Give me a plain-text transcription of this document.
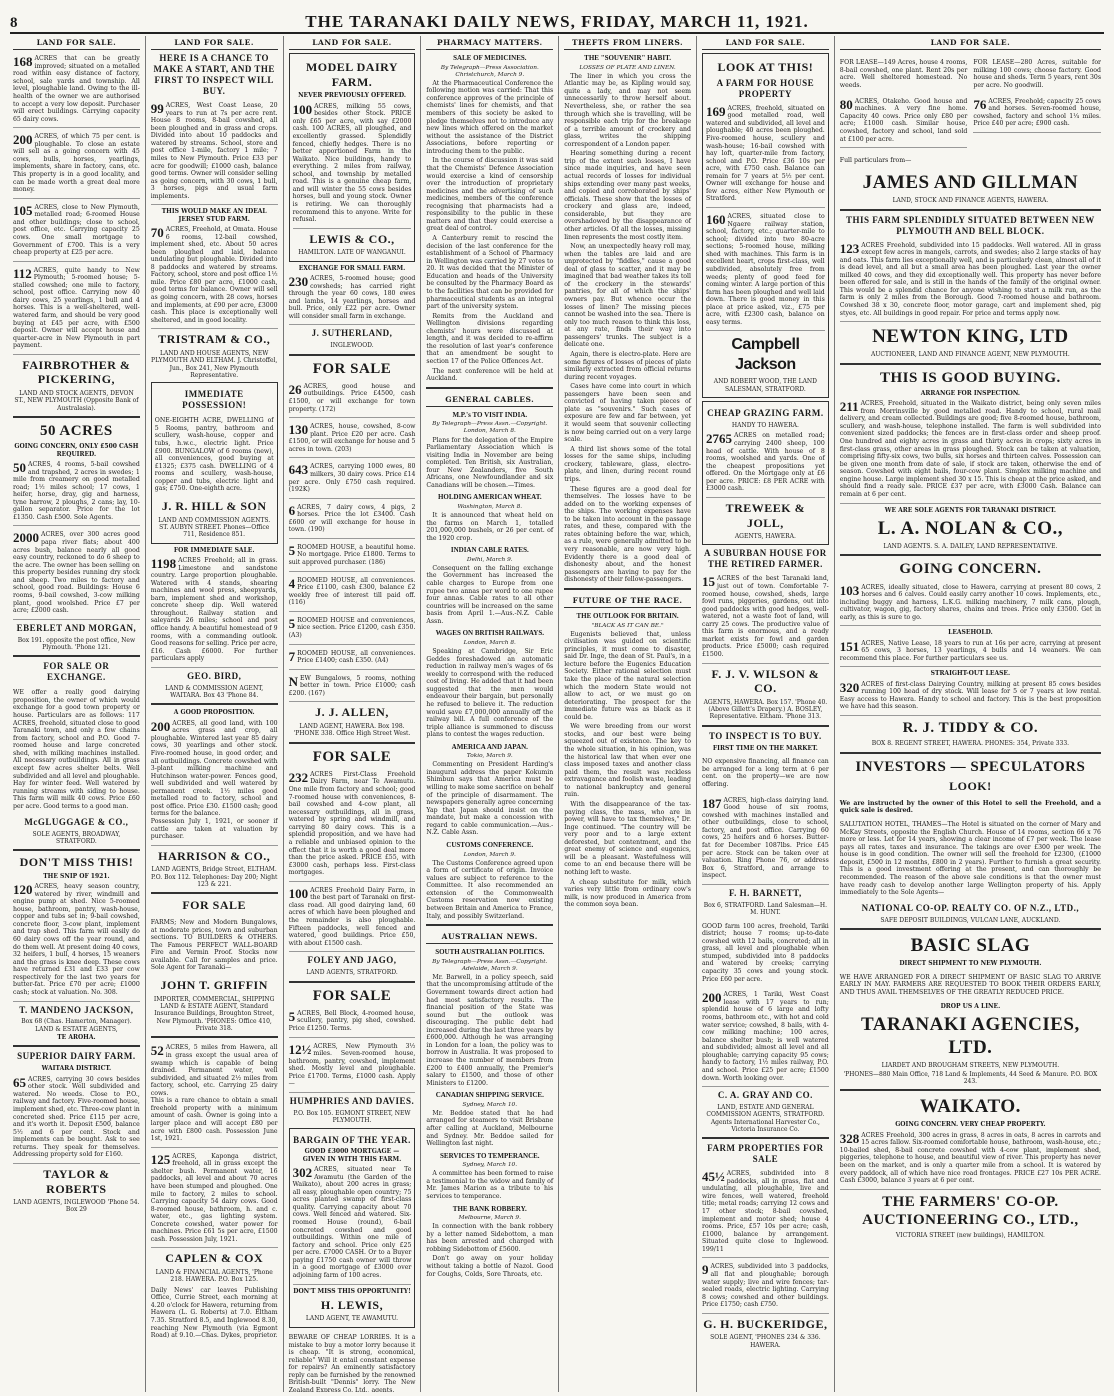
8	THE TARANAKI DAILY NEWS, FRIDAY, MARCH 11, 1921.
LAND FOR SALE.
168 ACRES that can be greatly improved; situated on a metalled road within easy distance of factory, school, sale yards and township. All level, ploughable land. Owing to the ill-health of the owner we are authorised to accept a very low deposit. Purchaser will erect buildings. Carrying capacity 65 dairy cows.

200 ACRES, of which 75 per cent. is ploughable. To close an estate will sell as a going concern with 45 cows, bulls, horses, yearlings, implements, share in factory, cans, etc. This property is in a good locality, and can be made worth a great deal more money.

105 ACRES, close to New Plymouth, metalled road; 6-roomed House and other buildings; close to school, post office, etc. Carrying capacity 25 cows. One small mortgage to Government of £700. This is a very cheap property at £25 per acre.

112 ACRES, quite handy to New Plymouth; 5-roomed house; 5-stalled cowshed; one mile to factory, school, post office. Carrying now 40 dairy cows, 25 yearlings, 1 bull and 4 horses. This is a well-sheltered, well-watered farm, and should be very good buying at £45 per acre, with £500 deposit. Owner will accept house and quarter-acre in New Plymouth in part payment.

FAIRBROTHER & PICKERING,
LAND AND STOCK AGENTS, DEVON ST., NEW PLYMOUTH (Opposite Bank of Australasia).
50 ACRES
GOING CONCERN, ONLY £500 CASH REQUIRED.
50 ACRES, 4 rooms, 5-bail cowshed and trapshed, 2 acres in swedes; 1 mile from creamery on good metalled road; 1½ miles school; 17 cows, 1 heifer, horse, dray, gig and harness, tyne harrow, 2 ploughs, 2 cans; lay, 10-gallon separator. Price for the lot £1350. Cash £500. Sole Agents.

2000 ACRES, over 300 acres good papa river flats; about 400 acres bush, balance nearly all good easy country, reckoned to do 6 sheep to the acre. The owner has been selling on this property besides running dry stock and sheep. Two miles to factory and school, good road. Buildings: House 6 rooms, 9-bail cowshed, 3-cow milking plant, good woolshed. Price £7 per acre; £2000 cash.

EBERLET AND MORGAN,
Box 191. opposite the post office, New Plymouth. 'Phone 121.
FOR SALE OR EXCHANGE.

WE offer a really good dairying proposition, the owner of which would exchange for a good town property or house. Particulars are as follows: 117 ACRES, freehold, situated close to good Taranaki town, and only a few chains from factory, school and P.O. Good 7-roomed house and large concreted shed, with milking machines installed. All necessary outbuildings. All in grass except few acres shelter belts. Well subdivided and all level and ploughable. Hay for winter feed. Well watered by running streams with siding to house. This farm will milk 40 cows. Price £60 per acre. Good terms to a good man.

McGLUGGAGE & CO.,
SOLE AGENTS, BROADWAY, STRATFORD.
DON'T MISS THIS!
THE SNIP OF 1921.
120 ACRES, heavy season country, watered by river, windmill and engine pump at shed. Nice 5-roomed house, bathroom, pantry, wash-house, copper and tubs set in; 9-bail cowshed, concrete floor, 3-cow plant, implement and trap shed. This farm will easily do 60 dairy cows off the year round, and do them well. At present doing 40 cows, 32 heifers, 1 bull, 4 horses, 15 weaners and the grass is knee deep. These cows have returned £31 and £33 per cow respectively for the last two years for butter-fat. Price £70 per acre; £1000 cash; stock at valuation. No. 308.

T. MANDENO JACKSON,
Box 68 (Chas. Hamerton, Manager). LAND & ESTATE AGENTS,
TE AROHA.
SUPERIOR DAIRY FARM.
WAITARA DISTRICT.
65 ACRES, carrying 30 cows besides other stock. Well subdivided and watered. No weeds. Close to P.O., railway and factory. Five-roomed house, implement shed, etc. Three-cow plant in concreted shed. Price £115 per acre, and it's worth it. Deposit £500, balance 5½ and 6 per cent. Stock and implements can be bought. Ask to see returns. They speak for themselves. Addressing property sold for £160.

TAYLOR & ROBERTS
LAND AGENTS, INGLEWOOD 'Phone 54. Box 29
LAND FOR SALE.
HERE IS A CHANCE TO MAKE A START, AND THE FIRST TO INSPECT WILL BUY.
99 ACRES, West Coast Lease, 20 years to run at 7s per acre rent. House 8 rooms, 8-bail cowshed, all been ploughed and in grass and crops. Divided into about 10 paddocks and watered by streams. School, store and post office 1-mile, factory 1 mile; 7 miles to New Plymouth. Price £33 per acre for goodwill; £1000 cash, balance good terms. Owner will consider selling as going concern, with 30 cows, 1 bull, 3 horses, pigs and usual farm implements.

THIS WOULD MAKE AN IDEAL JERSEY STUD FARM.
70 ACRES, Freehold, at Omata. House 6 rooms, 12-bail cowshed, implement shed, etc. About 50 acres been ploughed and laid, balance undulating but ploughable. Divided into 8 paddocks and watered by streams. Factory, school, store and post office 1½ mile. Price £80 per acre, £1000 cash, good terms for balance. Owner will sell as going concern, with 28 cows, horses and implements, at £90 per acre, £3000 cash. This place is exceptionally well sheltered, and in good locality.

TRISTRAM & CO.,
LAND AND HOUSE AGENTS, NEW PLYMOUTH AND ELTHAM. J. Christoffel, Jun., Box 241, New Plymouth Representative.
IMMEDIATE POSSESSION!

ONE-EIGHTH ACRE, DWELLING of 5 Rooms, pantry, bathroom and scullery, wash-house, copper and tubs, h.w.c., electric light. Price £900. BUNGALOW of 6 rooms (new), all conveniences, good buying at £1325; £375 cash. DWELLING of 4 rooms and scullery, wash-house, copper and tubs, electric light and gas; £750. One-eighth acre.

J. R. HILL & SON
LAND AND COMMISSION AGENTS. ST. AUBYN STREET. Phones—Office 711, Residence 851.
FOR IMMEDIATE SALE.
1198 ACRES Freehold; all in grass. Limestone and sandstone country. Large proportion ploughable. Watered with 4 stands, shearing machines and wool press, sheepyards, barn, implement shed and workshop, concrete sheep dip. Well watered throughout. Railway station and saleyards 26 miles; school and post office handy. A beautiful homestead of 9 rooms, with a commanding outlook. Good reasons for selling. Price per acre, £16. Cash £6000. For further particulars apply

GEO. BIRD,
LAND & COMMISSION AGENT, WAITARA. Box 43 'Phone 84.
A GOOD PROPOSITION.
200 ACRES, all good land, with 100 acres grass and crop, all ploughable. Wintered last year 85 dairy cows, 30 yearlings and other stock. Five-roomed house, in good order, and all outbuildings. Concrete cowshed with 3-plant milking machine and Hutchinson water-power. Fences good, well subdivided and well watered by permanent creek. 1½ miles good metalled road to factory, school and post office. Price £30. £1500 cash; good terms for the balance.

Possession July 1, 1921, or sooner if cattle are taken at valuation by purchaser.

HARRISON & CO.,
LAND AGENTS, Bridge Street, ELTHAM. P.O. Box 112. Telephones: Day 200; Night 123 & 221.
FOR SALE

FARMS; New and Modern Bungalows, at moderate prices, town and suburban sections. TO BUILDERS & OTHERS. The Famous PERFECT WALL-BOARD Fire and Vermin Proof. Stocks now available. Call for samples and price. Sole Agent for Taranaki—

JOHN T. GRIFFIN
IMPORTER, COMMERCIAL, SHIPPING LAND & ESTATE AGENT, Standard Insurance Buildings, Broughton Street, New Plymouth. 'PHONES: Office 410, Private 318.
52 ACRES, 5 miles from Hawera, all in grass except the usual area of swamp which is capable of being drained. Permanent water, well subdivided, and situated 2½ miles from factory, school, etc. Carrying 25 dairy cows.

This is a rare chance to obtain a small freehold property with a minimum amount of cash. Owner is going into a larger place and will accept £80 per acre with £800 cash. Possession June 1st, 1921.

125 ACRES, Kaponga district, freehold, all in grass except the shelter bush. Permanent water, 16 paddocks, all level and about 70 acres have been stumped and ploughed. One mile to factory, 2 miles to school. Carrying capacity 54 dairy cows. Good 8-roomed house, bathroom, h. and c. water, etc., gas lighting system. Concrete cowshed, water power for machines. Price £61 5s per acre, £1500 cash. Possession July, 1921.

CAPLEN & COX
LAND & FINANCIAL AGENTS, 'Phone 218. HAWERA. P.O. Box 125.

Daily News' car leaves Publishing Office, Currie Street, each morning at 4.20 o'clock for Hawera, returning from Hawera (L. G. Roberts) at 7.0. Eltham 7.35. Stratford 8.5, and Inglewood 8.30, reaching New Plymouth (via Egmont Road) at 9.10.—Chas. Dykes, proprietor.

LAND FOR SALE.
MODEL DAIRY FARM.
NEVER PREVIOUSLY OFFERED.
100 ACRES, milking 55 cows, besides other Stock. PRICE only £65 per acre, with say £2000 cash. 100 ACRES, all ploughed, and excellently grassed. Splendidly fenced, chiefly hedges. There is no better apportioned Farm in the Waikato. Nice buildings, handy to everything. 2 miles from railway, school, and township by metalled road. This is a genuine cheap farm, and will winter the 55 cows besides horses, bull and young stock. Owner is retiring. We can thoroughly recommend this to anyone. Write for refusal.

LEWIS & CO.,
HAMILTON. LATE OF WANGANUI.
EXCHANGE FOR SMALL FARM.
230 ACRES, 5-roomed house; good cowsheds; has carried right through the year 60 cows, 180 ewes and lambs, 14 yearlings, horses and bull. Price, only £22 per acre. Owner will consider small farm in exchange.

J. SUTHERLAND,
INGLEWOOD.
FOR SALE
26 ACRES, good house and outbuildings. Price £4500, cash £1500, or will exchange for town property. (172)

130 ACRES, house, cowshed, 8-cow plant. Price £20 per acre. Cash £1500, or will exchange for house and 5 acres in town. (203)

643 ACRES, carrying 1000 ewes, 80 milkers, 30 dairy cows. Price £14 per acre. Only £750 cash required. (192K)

6 ACRES, 7 dairy cows, 4 pigs, 2 horses. Price the lot £3400. Cash £600 or will exchange for house in town. (190)

5 ROOMED HOUSE, a beautiful home. No mortgage. Price £1800. Terms to suit approved purchaser. (186)

4 ROOMED HOUSE, all conveniences. Price £1100, cash £300, balance £2 weekly free of interest till paid off. (116)

5 ROOMED HOUSE and conveniences, nice section. Price £1200, cash £350. (A3)

7 ROOMED HOUSE, all conveniences. Price £1400; cash £350. (A4)

N EW Bungalows, 5 rooms, nothing better in town. Price £1000; cash £200. (167)

J. J. ALLEN,
LAND AGENT, HAWERA. Box 198. 'PHONE 338. Office High Street West.
FOR SALE
232 ACRES First-Class Freehold Dairy Farm, near Te Awamutu. One mile from factory and school; good 7-roomed house with conveniences, 8-bail cowshed and 4-cow plant, all necessary outbuildings, all in grass, watered by spring and windmill, and carrying 80 dairy cows. This is a splendid proposition, and we have had a reliable and unbiased opinion to the effect that it is worth a good deal more than the price asked. PRICE £55, with £3000 cash, perhaps less. First-class mortgages.

100 ACRES Freehold Dairy Farm, in the best part of Taranaki on first-class road. All good dairying land, 60 acres of which have been ploughed and the remainder is also ploughable. Fifteen paddocks, well fenced and watered, good buildings. Price £50, with about £1500 cash.

FOLEY AND JAGO,
LAND AGENTS, STRATFORD.
FOR SALE
5 ACRES, Bell Block, 4-roomed house, scullery, pantry, pig shed, cowshed. Price £1250. Terms.

12½ ACRES, New Plymouth 3½ miles. Seven-roomed house, bathroom, pantry, cowshed, implement shed. Mostly level and ploughable. Price £1700. Terms, £1000 cash. Apply—

HUMPHRIES AND DAVIES.
P.O. Box 105. EGMONT STREET, NEW PLYMOUTH.
BARGAIN OF THE YEAR.
GOOD £3000 MORTGAGE — GIVEN IN WITH THIS FARM.
302 ACRES, situated near Te Awamutu (the Garden of the Waikato), about 200 acres in grass; all easy, ploughable open country; 75 acres planted swamp of first-class quality. Carrying capacity about 70 cows. Well fenced and watered. Six-roomed House (round), 6-bail concreted cowshed and good outbuildings. Within one mile of factory and school. Price only £25 per acre. £7000 CASH. Or to a Buyer paying £1750 cash owner will throw in a good mortgage of £3000 over adjoining farm of 100 acres.

DON'T MISS THIS OPPORTUNITY!
H. LEWIS,
LAND AGENT, TE AWAMUTU.

BEWARE OF CHEAP LORRIES. It is a mistake to buy a motor lorry because it is cheap. "It is strong, economical, reliable" Will it entail constant expense for repairs? An eminently satisfactory reply can be furnished by the renowned British-built "Dennis" lorry. The New Zealand Express Co. Ltd., agents.

PHARMACY MATTERS.
SALE OF MEDICINES.
By Telegraph—Press Association. Christchurch, March 9.

At the Pharmaceutical Conference the following motion was carried: That this conference approves of the principle of chemists' lines for chemists, and that members of this society be asked to pledge themselves not to introduce any new lines which offered on the market without the assistance of the District Associations, before reporting or introducing them to the public.

In the course of discussion it was said that the Chemists' Defence Association would exercise a kind of censorship over the introduction of proprietary medicines and the advertising of such medicines, members of the conference recognising that pharmacists had a responsibility to the public in these matters and that they could exercise a great deal of control.

A Canterbury remit to rescind the decision of the last conference for the establishment of a School of Pharmacy in Wellington was carried by 27 votes to 20. It was decided that the Minister of Education and heads of the University be consulted by the Pharmacy Board as to the facilities that can be provided for pharmaceutical students as an integral part of the university system.

Remits from the Auckland and Wellington divisions regarding chemists' hours were discussed at length, and it was decided to re-affirm the resolution of last year's conference that an amendment be sought to section 17 of the Police Offences Act.

The next conference will be held at Auckland.

GENERAL CABLES.
M.P.'s TO VISIT INDIA.
By Telegraph—Press Assn.—Copyright. London, March 8.

Plans for the delegation of the Empire Parliamentary Association which is visiting India in November are being completed. Ten British, six Australian, four New Zealanders, five South Africans, one Newfoundlander and six Canadians will be chosen.—Times.

HOLDING AMERICAN WHEAT.
Washington, March 8.

It is announced that wheat held on the farms on March 1, totalled 201,000,000 bushels, or 26 per cent. of the 1920 crop.

INDIAN CABLE RATES.
Delhi, March 9.

Consequent on the falling exchange the Government has increased the cable charges to Europe from one rupee two annas per word to one rupee four annas. Cable rates to all other countries will be increased on the same basis from April 1.—Aus.-N.Z. Cable Assn.

WAGES ON BRITISH RAILWAYS.
London, March 8.

Speaking at Cambridge, Sir Eric Geddes foreshadowed an automatic reduction in railway men's wages of 6s weekly to correspond with the reduced cost of living. He added that it had been suggested that the men would endeavour their bargain, but personally he refused to believe it. The reduction would save £7,000,000 annually off the railway bill. A full conference of the triple alliance is summoned to discuss plans to contest the wages reduction.

AMERICA AND JAPAN.
Tokio, March 9.

Commenting on President Harding's inaugural address the paper Kokumin Shimbun says that America must be willing to make some sacrifice on behalf of the principle of disarmament. The newspapers generally agree concerning Yap that Japan should insist on the mandate, but make a concession with regard to cable communication.—Aus.-N.Z. Cable Assn.

CUSTOMS CONFERENCE.
London, March 9.

The Customs Conference agreed upon a form of certificate of origin. Invoice values are subject to reference to the Committee. It also recommended an extension of the Commonwealth Customs reservation now existing between Britain and America to France, Italy, and possibly Switzerland.

AUSTRALIAN NEWS.
SOUTH AUSTRALIAN POLITICS.
By Telegraph—Press Assn.—Copyright. Adelaide, March 9.

Mr. Barwell, in a policy speech, said that the uncompromising attitude of the Government towards direct action had had most satisfactory results. The financial position of the State was sound but the outlook was discouraging. The public debt had increased during the last three years by £600,000. Although he was arranging in London for a loan, the policy was to borrow in Australia. It was proposed to increase the number of members from £200 to £400 annually, the Premier's salary to £1500, and those of other Ministers to £1200.

CANADIAN SHIPPING SERVICE.
Sydney, March 10.

Mr. Beddoe stated that he had arranged for steamers to visit Brisbane after calling at Auckland, Melbourne and Sydney. Mr. Beddoe sailed for Wellington last night.

SERVICES TO TEMPERANCE.
Sydney, March 10.

A committee has been formed to raise a testimonial to the widow and family of Mr. James Marion as a tribute to his services to temperance.

THE BANK ROBBERY.
Melbourne, March 9.

In connection with the bank robbery by a letter named Sidebottom, a man has been arrested and charged with robbing Sidebottom of £5600.

Don't go away on your holiday without taking a bottle of Nazol. Good for Coughs, Colds, Sore Throats, etc.

THEFTS FROM LINERS.
THE "SOUVENIR" HABIT.
LOSSES OF PLATE AND LINEN.

The liner in which you cross the Atlantic may be, as Kipling would say, quite a lady, and may not seem unnecessarily to throw herself about. Nevertheless, she, or rather the sea through which she is travelling, will be responsible each trip for the breakage of a terrible amount of crockery and glass, writes the shipping correspondent of a London paper.

Hearing something during a recent trip of the extent such losses, I have since made inquiries, and have seen actual records of losses for individual ships extending over many past weeks, and copied and corroborated by ships' officials. These show that the losses of crockery and glass are, indeed, considerable, but they are overshadowed by the disappearance of other articles. Of all the losses, missing linen represents the most costly item.

Now, an unexpectedly heavy roll may, when the tables are laid and are unprotected by "fiddles," cause a good deal of glass to scatter, and it may be imagined that bad weather takes its toll of the crockery in the stewards' pantries, for all of which the ships' owners pay. But whence occur the losses of linen? The missing pieces cannot be washed into the sea. There is only too much reason to think this loss, at any rate, finds their way into passengers' trunks. The subject is a delicate one.

Again, there is electro-plate. Here are some figures of losses of pieces of plate similarly extracted from official returns during recent voyages.

Cases have come into court in which passengers have been seen and convicted of having taken pieces of plate as "souvenirs." Such cases of exposure are few and far between, yet it would seem that souvenir collecting is now being carried out on a very large scale.

A third list shows some of the total losses for the same ships, including crockery, tableware, glass, electro-plate, and linen, during recent round trips.

These figures are a good deal for themselves. The losses have to be added on to the working expenses of the ships. The working expenses have to be taken into account in the passage rates, and these, compared with the rates obtaining before the war, which, as a rule, were generally admitted to be very reasonable, are now very high. Evidently there is a good deal of dishonesty about, and the honest passengers are having to pay for the dishonesty of their fellow-passengers.

FUTURE OF THE RACE.
THE OUTLOOK FOR BRITAIN.
"BLACK AS IT CAN BE."

Eugenists believed that, unless civilisation was guided on scientific principles, it must come to disaster, said Dr. Inge, the dean of St. Paul's, in a lecture before the Eugenics Education Society. Either rational selection must take the place of the natural selection which the modern State would not allow to act, or we must go on deteriorating. The prospect for the immediate future was as black as it could be.

We were breeding from our worst stocks, and our best were being squeezed out of existence. The key to the whole situation, in his opinion, was the historical law that when ever one class imposed taxes and another class paid them, the result was reckless extravagance and foolish waste, leading to national bankruptcy and general ruin.

With the disappearance of the tax-paying class, the mass, who are in power, will have to tax themselves," Dr. Inge continued. "The country will be very poor and to a large extent deforested, but contentment, and the great enemy of science and eugenics, will be a pleasant. Wastefulness will come to an end because there will be nothing left to waste.

A cheap substitute for milk, which varies very little from ordinary cow's milk, is now produced in America from the common soya bean.

LAND FOR SALE.
LOOK AT THIS!
A FARM FOR HOUSE PROPERTY
169 ACRES, freehold, situated on good metalled road, well watered and subdivided, all level and ploughable; 40 acres been ploughed. Five-roomed house, scullery and wash-house; 16-bail cowshed with hay loft, quarter-mile from factory, school and P.O. Price £36 10s per acre, with £750 cash. Balance can remain for 7 years at 5½ per cent. Owner will exchange for house and few acres, either New Plymouth or Stratford.

160 ACRES, situated close to Ngaere railway station, school, factory, etc.; quarter-mile to school; divided into two 80-acre sections; 5-roomed house, milking shed with machines. This farm is in excellent heart, crops first-class, well subdivided, absolutely free from weeds; plenty of good feed for coming winter. A large portion of this farm has been ploughed and well laid down. There is good money in this place at price asked, viz., £75 per acre, with £2300 cash, balance on easy terms.

Campbell Jackson
AND ROBERT WOOD, THE LAND SALESMAN, STRATFORD.
CHEAP GRAZING FARM.
HANDY TO HAWERA.
2765 ACRES on metalled road; carrying 2400 sheep, 100 head of cattle. With house of 8 rooms, woolshed and yards. One of the cheapest propositions yet offered. On the Mortgage only at £6 per acre. PRICE: £8 PER ACRE with £3000 cash.

TREWEEK & JOLL,
AGENTS, HAWERA.
A SUBURBAN HOUSE FOR THE RETIRED FARMER.
15 ACRES of the best Taranaki land, just out of town. Comfortable 7-roomed house, cowshed, sheds, large fowl runs, piggeries, gardens, out into good paddocks with good hedges, well-watered, not a waste foot of land, will carry 25 cows. The productive value of this farm is enormous, and a ready market exists for fowl and garden products. Price £5000; cash required £1500.

F. J. V. WILSON & CO.
AGENTS, HAWERA. Box 157. 'Phone 40. (Above Gillett's Drapery.) A. BOSLEY, Representative. Eltham. 'Phone 313.
TO INSPECT IS TO BUY.
FIRST TIME ON THE MARKET.

NO expensive financing, all finance can be arranged for a long term at 6 per cent. on the property—we are now offering.

187 ACRES, high-class dairying land. Good house of six rooms, cowshed with machines installed and other outbuildings, close to school, factory, and post office. Carrying 60 cows, 25 heifers and 6 horses. Butter-fat for December 1087lbs. Price £45 per acre. Stock can be taken over at valuation. Ring Phone 76, or address Box 6, Stratford, and arrange to inspect.

F. H. BARNETT,
Box 6, STRATFORD. Land Salesman—H. M. HUNT.

GOOD farm 100 acres, freehold, Tariki district; house 7 rooms; up-to-date cowshed with 12 bails, concreted; all in grass, all level and ploughable when stumped, subdivided into 8 paddocks and watered by creeks; carrying capacity 35 cows and young stock. Price £60 per acre.

200 ACRES, 1 Tariki, West Coast lease with 17 years to run; splendid house of 6 large and lofty rooms, bathroom etc., with hot and cold water service; cowshed, 8 bails, with 4-cow milking machine; 100 acres, balance shelter bush; is well watered and subdivided; almost all level and all ploughable; carrying capacity 95 cows; handy to factory, 1½ miles railway, P.O. and school. Price £25 per acre; £1500 down. Worth looking over.

C. A. GRAY AND CO.
LAND, ESTATE AND GENERAL COMMISSION AGENTS, STRATFORD. Agents International Harvester Co., Victoria Insurance Co.
FARM PROPERTIES FOR SALE
45½ ACRES, subdivided into 8 paddocks, all in grass, flat and undulating, all ploughable, live and wire fences, well watered, freehold title; metal roads; carrying 12 cows and 17 other stock; 8-bail cowshed, implement and motor shed; house 4 rooms. Price, £57 10s per acre; cash, £1000, balance by arrangement. Situated quite close to Inglewood. 199/11

9 ACRES, subdivided into 3 paddocks, all flat and ploughable; borough water supply; live and wire fences; tar-sealed roads, electric lighting. Carrying 8 cows; cowshed and other buildings. Price £1750; cash £750.

G. H. BUCKERIDGE,
SOLE AGENT, 'PHONES 234 & 336. HAWERA.
LAND FOR SALE.

FOR LEASE—149 Acres, house 4 rooms, 8-bail cowshed, one plant. Rent 20s per acre. Well sheltered homestead. No weeds.

80 ACRES, Otakeho. Good house and machines. A very fine home. Capacity 40 cows. Price only £80 per acre; £1000 cash. Similar house, cowshed, factory and school, land sold at £100 per acre.

FOR LEASE—280 Acres, suitable for milking 100 cows; choose factory. Good house and sheds. Term 5 years, rent 30s per acre. No goodwill.

76 ACRES, Freehold; capacity 25 cows and horses. Seven-roomed house, cowshed, factory and school 1¼ miles. Price £40 per acre; £900 cash.

Full particulars from—

JAMES AND GILLMAN
LAND, STOCK AND FINANCE AGENTS, HAWERA.
THIS FARM SPLENDIDLY SITUATED BETWEEN NEW PLYMOUTH AND BELL BLOCK.
123 ACRES Freehold, subdivided into 15 paddocks. Well watered. All in grass except few acres in mangels, carrots, and swedes; also 2 large stacks of hay and oats. This farm lies exceptionally well, and is particularly clean, almost all of it is dead level, and all but a small area has been ploughed. Last year the owner milked 40 cows, and they did exceptionally well. This property has never before been offered for sale, and is still in the hands of the family of the original owner. This would be a splendid chance for anyone wishing to start a milk run, as the farm is only 2 miles from the Borough. Good 7-roomed house and bathroom. Cowshed 38 x 30, concrete floor, motor garage, cart and implement shed, pig styes, etc. All buildings in good repair. For price and terms apply now.

NEWTON KING, LTD
AUCTIONEER, LAND AND FINANCE AGENT, NEW PLYMOUTH.
THIS IS GOOD BUYING.
ARRANGE FOR INSPECTION.
211 ACRES, Freehold, situated in the Waikato district, being only seven miles from Morrinsville by good metalled road. Handy to school, rural mail delivery, and cream collected. Buildings are good; five 8-roomed house, bathroom, scullery, and wash-house, telephone installed. The farm is well subdivided into convenient sized paddocks; the fences are in first-class order and sheep proof. One hundred and eighty acres in grass and thirty acres in crops; sixty acres in first-class grass, other areas in grass ploughed. Stock can be taken at valuation, comprising fifty-six cows, two bulls, six horses and thirteen calves. Possession can be given one month from date of sale, if stock are taken, otherwise the end of season. Cowshed with eight bails, four-cow plant. Simplex milking machine and engine house. Large implement shed 30 x 15. This is cheap at the price asked, and should find a ready sale. PRICE £37 per acre, with £3000 Cash. Balance can remain at 6 per cent.

WE ARE SOLE AGENTS FOR TARANAKI DISTRICT.
L. A. NOLAN & CO.,
LAND AGENTS. S. A. DAILEY, LAND REPRESENTATIVE.
GOING CONCERN.
103 ACRES, ideally situated, close to Hawera, carrying at present 80 cows, 2 horses and 6 calves. Could easily carry another 10 cows. Implements, etc., including buggy and harness, L.K.G. milking machinery, 7 milk cans, plough, cultivator, wagon, gig, factory shares, chains and trees. Price only £3500. Get in early, as this is sure to go.

LEASEHOLD.
151 ACRES, Native Lease, 18 years to run at 16s per acre, carrying at present 65 cows, 3 horses, 13 yearlings, 4 bulls and 14 weaners. We can recommend this place. For further particulars see us.

STRAIGHT-OUT LEASE.
320 ACRES of first-class Dairying Country, milking at present 85 cows besides running 100 head of dry stock. Will lease for 5 or 7 years at low rental. Easy access to Hawera. Handy to school and factory. This is the best proposition we have had this season.

R. J. TIDDY & CO.
BOX 8. REGENT STREET, HAWERA. PHONES: 354, Private 333.
INVESTORS — SPECULATORS
LOOK!

We are instructed by the owner of this Hotel to sell the Freehold, and a quick sale is desired.

SALUTATION HOTEL, THAMES—The Hotel is situated on the corner of Mary and McKay Streets, opposite the English Church. House of 14 rooms, section 66 x 76 more or less. Let for 14 years, showing a clear income of £7 per week. The lease pays all rates, taxes and insurance. The takings are over £300 per week. The house is in good condition. The owner will sell the freehold for £2300, (£1000 deposit, £500 in 12 months, £800 in 2 years). Further to furnish a great security. This is a good investment offering at the present, and can thoroughly be recommended. The reason of the above sale conditions is that the owner must have ready cash to develop another large Wellington property of his. Apply immediately to the Sole Agents—

NATIONAL CO-OP. REALTY CO. OF N.Z., LTD.,
SAFE DEPOSIT BUILDINGS, VULCAN LANE, AUCKLAND.
BASIC SLAG
DIRECT SHIPMENT TO NEW PLYMOUTH.

WE HAVE ARRANGED FOR A DIRECT SHIPMENT OF BASIC SLAG TO ARRIVE EARLY IN MAY. FARMERS ARE REQUESTED TO BOOK THEIR ORDERS EARLY, AND THUS AVAIL THEMSELVES OF THE GREATLY REDUCED PRICE.

DROP US A LINE.
TARANAKI AGENCIES, LTD.
LIARDET AND BROUGHAM STREETS, NEW PLYMOUTH.
'PHONES—880 Main Office, 718 Land & Implements, 44 Seed & Manure. P.O. BOX 243.
WAIKATO.
GOING CONCERN. VERY CHEAP PROPERTY.
328 ACRES Freehold, 300 acres in grass, 8 acres in oats, 8 acres in carrots and 15 acres fallow. Six-roomed comfortable house, bathroom, wash-house, etc.; 10-bailed shed, 8-bail concrete cowshed with 4-cow plant, implement shed, piggeries, telephone to house, and beautiful view of river. This property has never been on the market, and is only a quarter mile from a school. It is watered by every paddock, all of which have nice road frontages. PRICE £27 10s PER ACRE. Cash £3000, balance 3 years at 6 per cent.

THE FARMERS' CO-OP. AUCTIONEERING CO., LTD.,
VICTORIA STREET (new buildings), HAMILTON.
